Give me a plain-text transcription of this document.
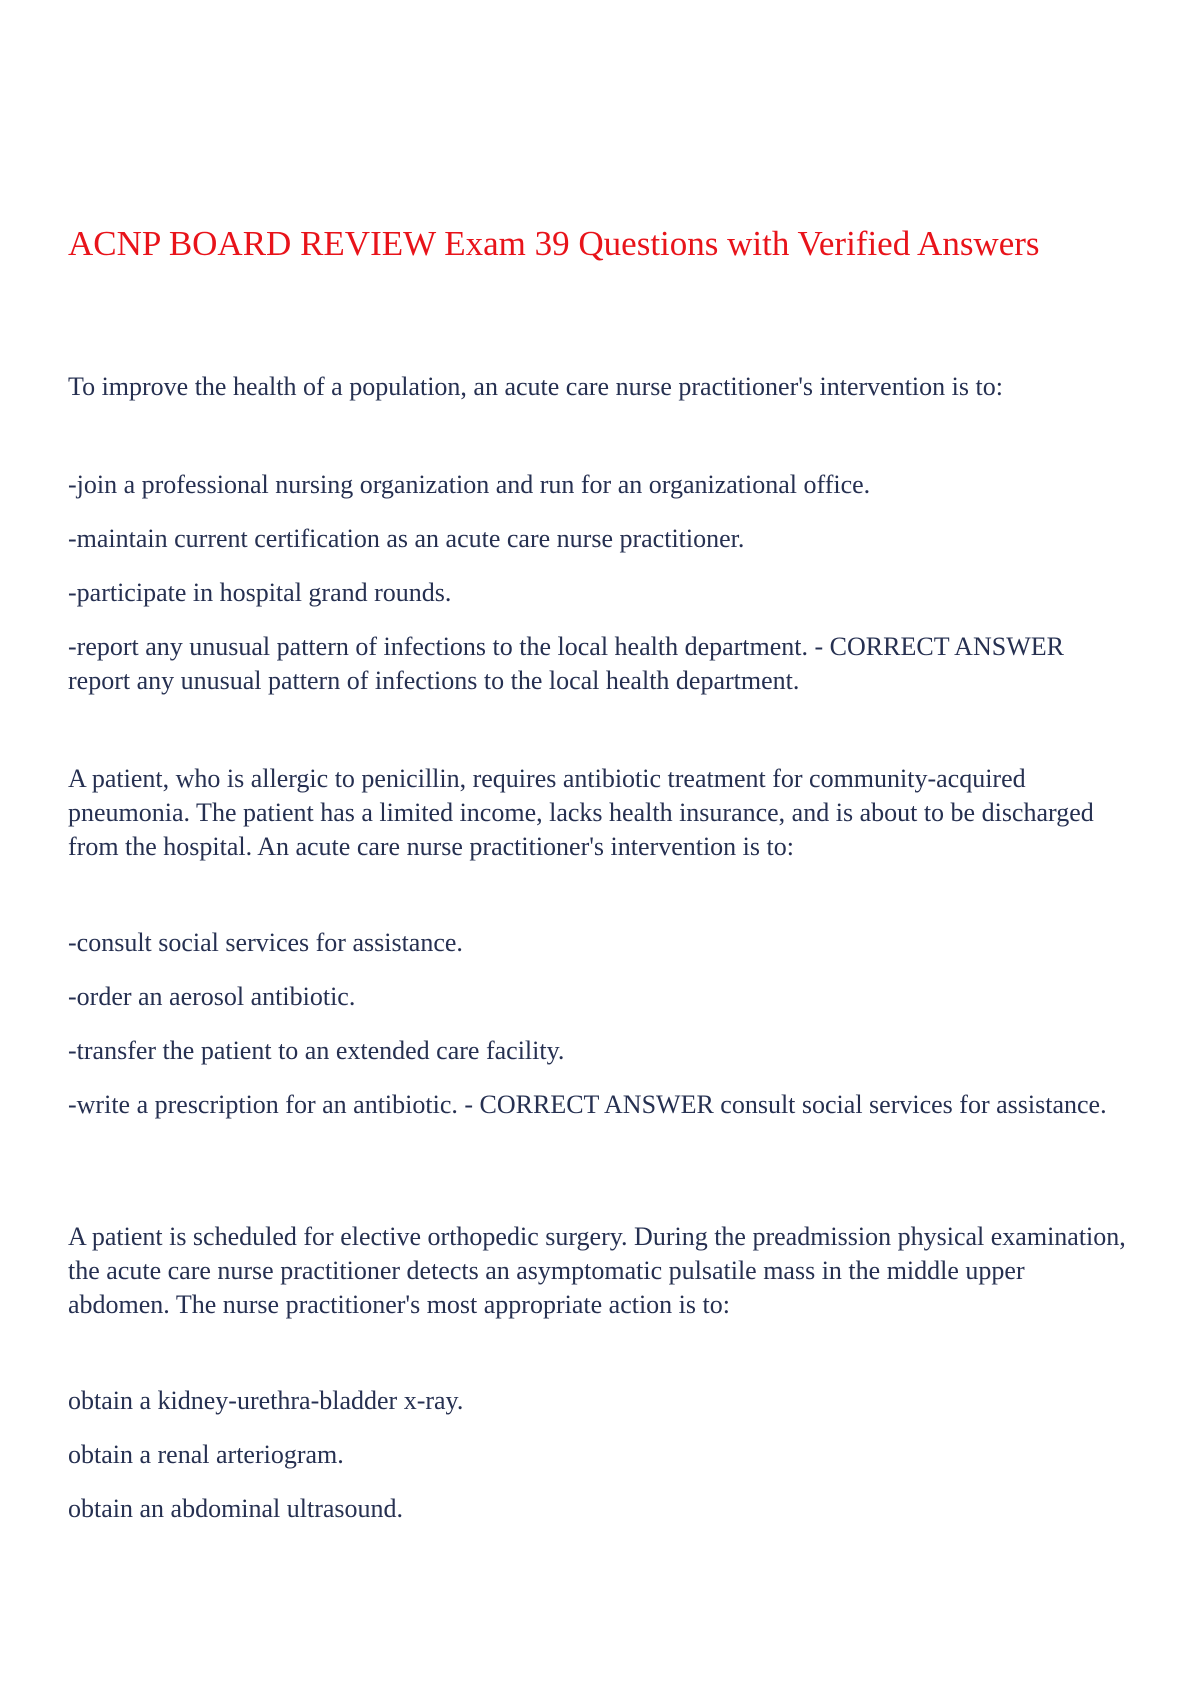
ACNP BOARD REVIEW Exam 39 Questions with Verified Answers

To improve the health of a population, an acute care nurse practitioner's intervention is to:

-join a professional nursing organization and run for an organizational office.

-maintain current certification as an acute care nurse practitioner.

-participate in hospital grand rounds.

-report any unusual pattern of infections to the local health department. - CORRECT ANSWER report any unusual pattern of infections to the local health department.

A patient, who is allergic to penicillin, requires antibiotic treatment for community-acquired pneumonia. The patient has a limited income, lacks health insurance, and is about to be discharged from the hospital. An acute care nurse practitioner's intervention is to:

-consult social services for assistance.

-order an aerosol antibiotic.

-transfer the patient to an extended care facility.

-write a prescription for an antibiotic. - CORRECT ANSWER consult social services for assistance.

A patient is scheduled for elective orthopedic surgery. During the preadmission physical examination, the acute care nurse practitioner detects an asymptomatic pulsatile mass in the middle upper abdomen. The nurse practitioner's most appropriate action is to:

obtain a kidney-urethra-bladder x-ray.

obtain a renal arteriogram.

obtain an abdominal ultrasound.
